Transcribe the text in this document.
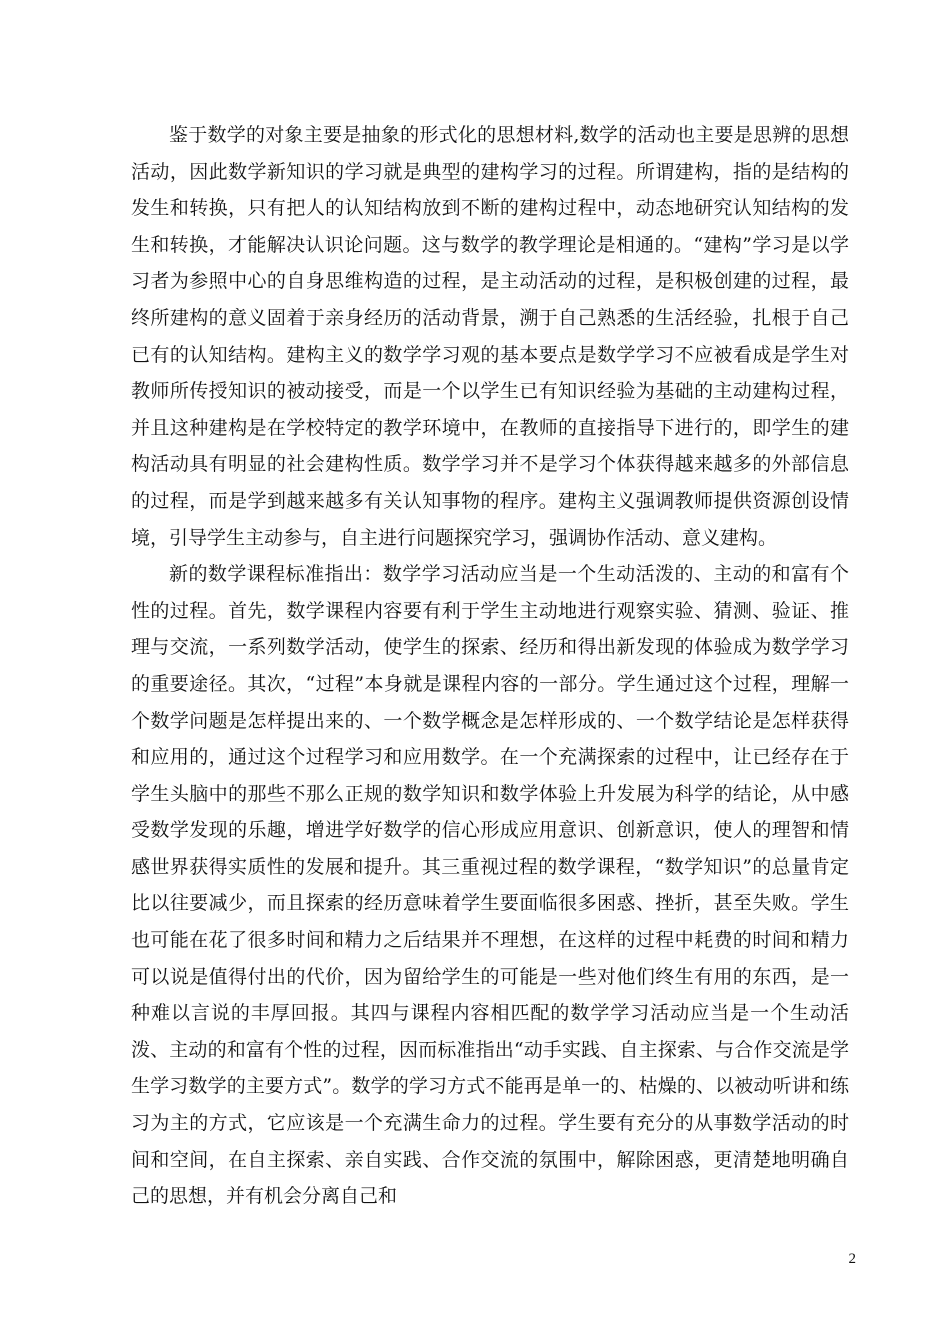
鉴于数学的对象主要是抽象的形式化的思想材料,数学的活动也主要是思辨的思想活动，因此数学新知识的学习就是典型的建构学习的过程。所谓建构，指的是结构的发生和转换，只有把人的认知结构放到不断的建构过程中，动态地研究认知结构的发生和转换，才能解决认识论问题。这与数学的教学理论是相通的。“建构”学习是以学习者为参照中心的自身思维构造的过程，是主动活动的过程，是积极创建的过程，最终所建构的意义固着于亲身经历的活动背景，溯于自己熟悉的生活经验，扎根于自己已有的认知结构。建构主义的数学学习观的基本要点是数学学习不应被看成是学生对教师所传授知识的被动接受，而是一个以学生已有知识经验为基础的主动建构过程，并且这种建构是在学校特定的教学环境中，在教师的直接指导下进行的，即学生的建构活动具有明显的社会建构性质。数学学习并不是学习个体获得越来越多的外部信息的过程，而是学到越来越多有关认知事物的程序。建构主义强调教师提供资源创设情境，引导学生主动参与，自主进行问题探究学习，强调协作活动、意义建构。

新的数学课程标准指出：数学学习活动应当是一个生动活泼的、主动的和富有个性的过程。首先，数学课程内容要有利于学生主动地进行观察实验、猜测、验证、推理与交流，一系列数学活动，使学生的探索、经历和得出新发现的体验成为数学学习的重要途径。其次，“过程”本身就是课程内容的一部分。学生通过这个过程，理解一个数学问题是怎样提出来的、一个数学概念是怎样形成的、一个数学结论是怎样获得和应用的，通过这个过程学习和应用数学。在一个充满探索的过程中，让已经存在于学生头脑中的那些不那么正规的数学知识和数学体验上升发展为科学的结论，从中感受数学发现的乐趣，增进学好数学的信心形成应用意识、创新意识，使人的理智和情感世界获得实质性的发展和提升。其三重视过程的数学课程，“数学知识”的总量肯定比以往要减少，而且探索的经历意味着学生要面临很多困惑、挫折，甚至失败。学生也可能在花了很多时间和精力之后结果并不理想，在这样的过程中耗费的时间和精力可以说是值得付出的代价，因为留给学生的可能是一些对他们终生有用的东西，是一种难以言说的丰厚回报。其四与课程内容相匹配的数学学习活动应当是一个生动活泼、主动的和富有个性的过程，因而标准指出“动手实践、自主探索、与合作交流是学生学习数学的主要方式”。数学的学习方式不能再是单一的、枯燥的、以被动听讲和练习为主的方式，它应该是一个充满生命力的过程。学生要有充分的从事数学活动的时间和空间，在自主探索、亲自实践、合作交流的氛围中，解除困惑，更清楚地明确自己的思想，并有机会分离自己和

2
